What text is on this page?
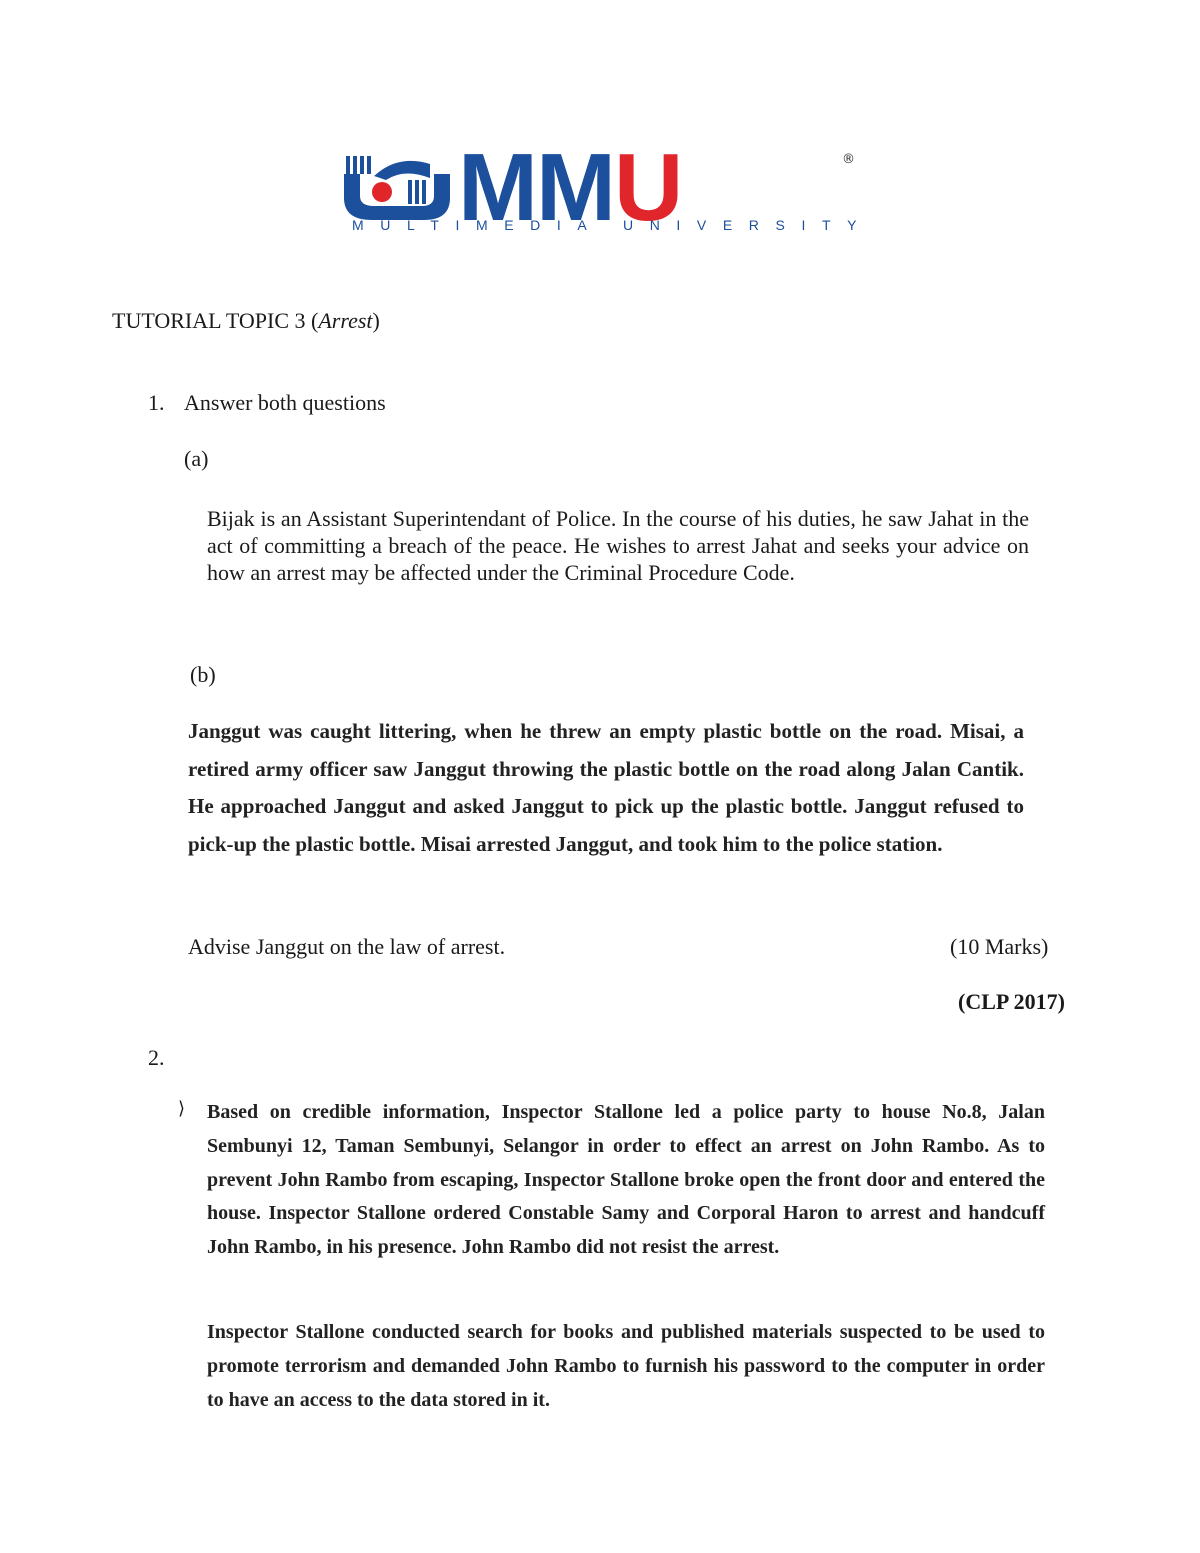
MMU	®
MULTIMEDIA UNIVERSITY
TUTORIAL TOPIC 3 (Arrest)
1. Answer both questions
(a)
Bijak is an Assistant Superintendant of Police. In the course of his duties, he saw Jahat in the act of committing a breach of the peace. He wishes to arrest Jahat and seeks your advice on how an arrest may be affected under the Criminal Procedure Code.
(b)
Janggut was caught littering, when he threw an empty plastic bottle on the road. Misai, a retired army officer saw Janggut throwing the plastic bottle on the road along Jalan Cantik. He approached Janggut and asked Janggut to pick up the plastic bottle. Janggut refused to pick-up the plastic bottle. Misai arrested Janggut, and took him to the police station.
Advise Janggut on the law of arrest.	(10 Marks)
(CLP 2017)
2.
⟩ Based on credible information, Inspector Stallone led a police party to house No.8, Jalan Sembunyi 12, Taman Sembunyi, Selangor in order to effect an arrest on John Rambo. As to prevent John Rambo from escaping, Inspector Stallone broke open the front door and entered the house. Inspector Stallone ordered Constable Samy and Corporal Haron to arrest and handcuff John Rambo, in his presence. John Rambo did not resist the arrest.
Inspector Stallone conducted search for books and published materials suspected to be used to promote terrorism and demanded John Rambo to furnish his password to the computer in order to have an access to the data stored in it.
